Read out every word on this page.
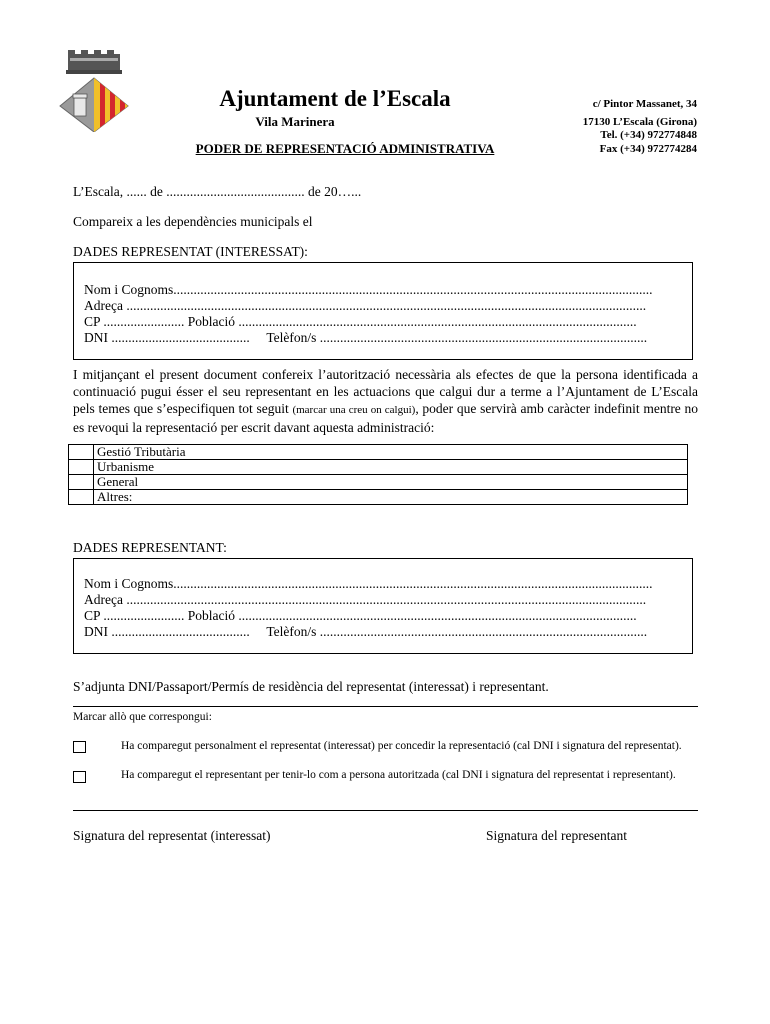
Ajuntament de l’Escala
Vila Marinera
PODER DE REPRESENTACIÓ ADMINISTRATIVA
c/ Pintor Massanet, 34
17130 L’Escala (Girona)
Tel. (+34) 972774848
Fax (+34) 972774284
L’Escala, ...... de ......................................... de 20…...
Compareix a les dependències municipals el
DADES REPRESENTAT (INTERESSAT):
Nom i Cognoms..............................................................................................................................................
Adreça ..........................................................................................................................................................
CP ........................ Població ......................................................................................................................
DNI .........................................     Telèfon/s .................................................................................................
I mitjançant el present document confereix l’autorització necessària als efectes de que la persona identificada a continuació pugui ésser el seu representant en les actuacions que calgui dur a terme a l’Ajuntament de L’Escala pels temes que s’especifiquen tot seguit (marcar una creu on calgui), poder que servirà amb caràcter indefinit mentre no es revoqui la representació per escrit davant aquesta administració:
	Gestió Tributària
	Urbanisme
	General
	Altres:
DADES REPRESENTANT:
Nom i Cognoms..............................................................................................................................................
Adreça ..........................................................................................................................................................
CP ........................ Població ......................................................................................................................
DNI .........................................     Telèfon/s .................................................................................................
S’adjunta DNI/Passaport/Permís de residència del representat (interessat) i representant.
Marcar allò que correspongui:
Ha comparegut personalment el representat (interessat) per concedir la representació (cal DNI i signatura del representat).
Ha comparegut el representant per tenir-lo com a persona autoritzada (cal DNI i signatura del representat i representant).
Signatura del representat (interessat)	Signatura del representant
